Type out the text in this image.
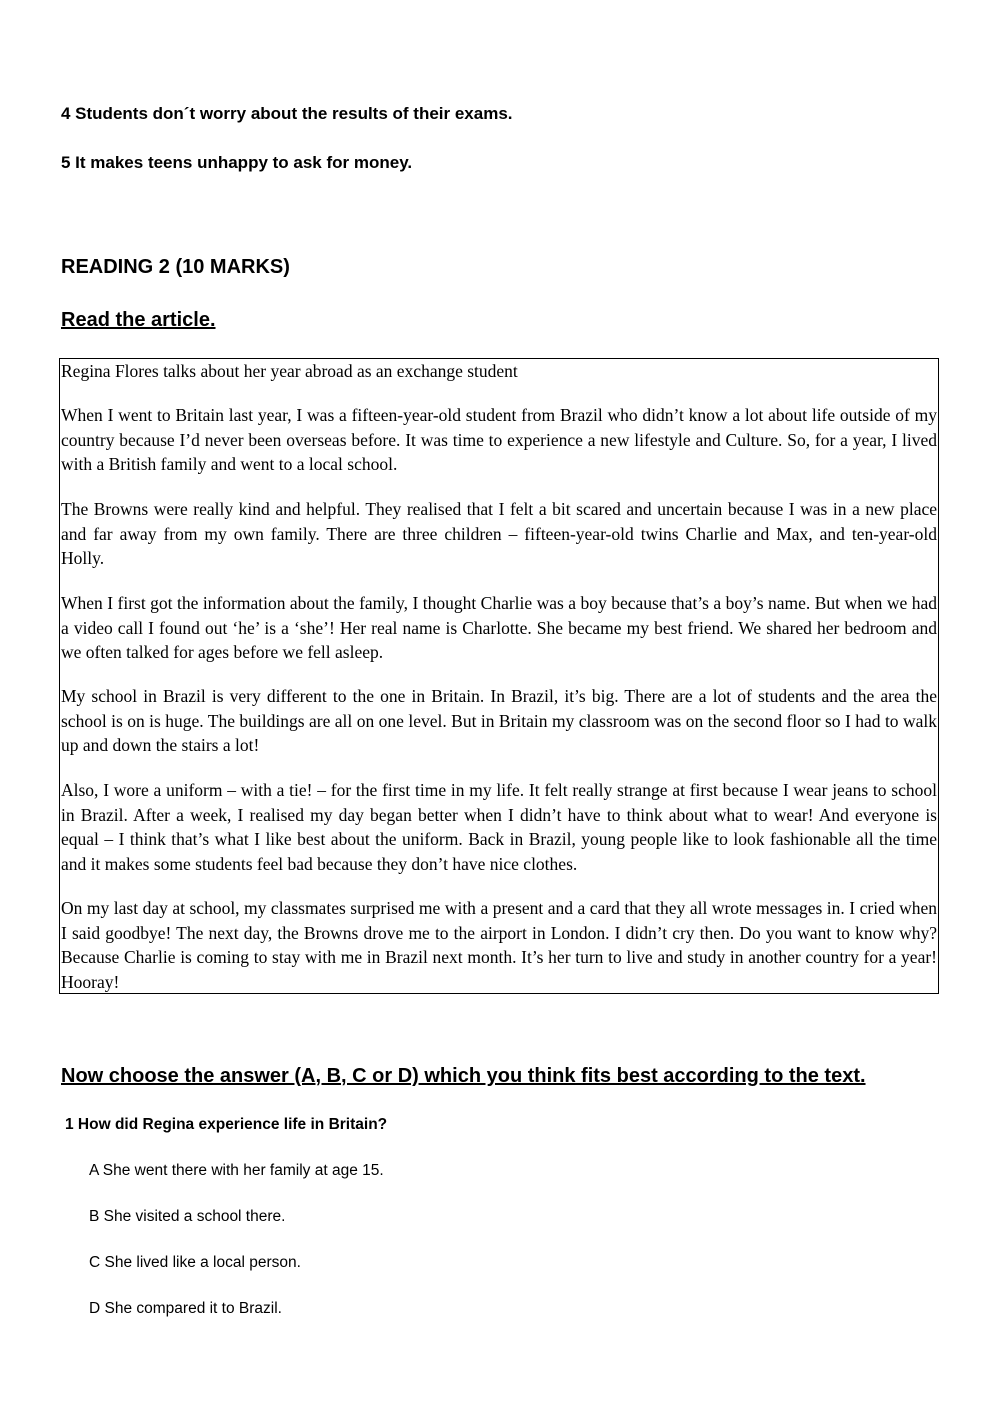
4 Students don´t worry about the results of their exams.
5 It makes teens unhappy to ask for money.
READING 2 (10 MARKS)
Read the article.

Regina Flores talks about her year abroad as an exchange student

When I went to Britain last year, I was a fifteen-year-old student from Brazil who didn’t know a lot about life outside of my country because I’d never been overseas before. It was time to experience a new lifestyle and Culture. So, for a year, I lived with a British family and went to a local school.

The Browns were really kind and helpful. They realised that I felt a bit scared and uncertain because I was in a new place and far away from my own family. There are three children – fifteen-year-old twins Charlie and Max, and ten-year-old Holly.

When I first got the information about the family, I thought Charlie was a boy because that’s a boy’s name. But when we had a video call I found out ‘he’ is a ‘she’! Her real name is Charlotte. She became my best friend. We shared her bedroom and we often talked for ages before we fell asleep.

My school in Brazil is very different to the one in Britain. In Brazil, it’s big. There are a lot of students and the area the school is on is huge. The buildings are all on one level. But in Britain my classroom was on the second floor so I had to walk up and down the stairs a lot!

Also, I wore a uniform – with a tie! – for the first time in my life. It felt really strange at first because I wear jeans to school in Brazil. After a week, I realised my day began better when I didn’t have to think about what to wear! And everyone is equal – I think that’s what I like best about the uniform. Back in Brazil, young people like to look fashionable all the time and it makes some students feel bad because they don’t have nice clothes.

On my last day at school, my classmates surprised me with a present and a card that they all wrote messages in. I cried when I said goodbye! The next day, the Browns drove me to the airport in London. I didn’t cry then. Do you want to know why? Because Charlie is coming to stay with me in Brazil next month. It’s her turn to live and study in another country for a year! Hooray!

Now choose the answer (A, B, C or D) which you think fits best according to the text.
1 How did Regina experience life in Britain?
A She went there with her family at age 15.
B She visited a school there.
C She lived like a local person.
D She compared it to Brazil.
